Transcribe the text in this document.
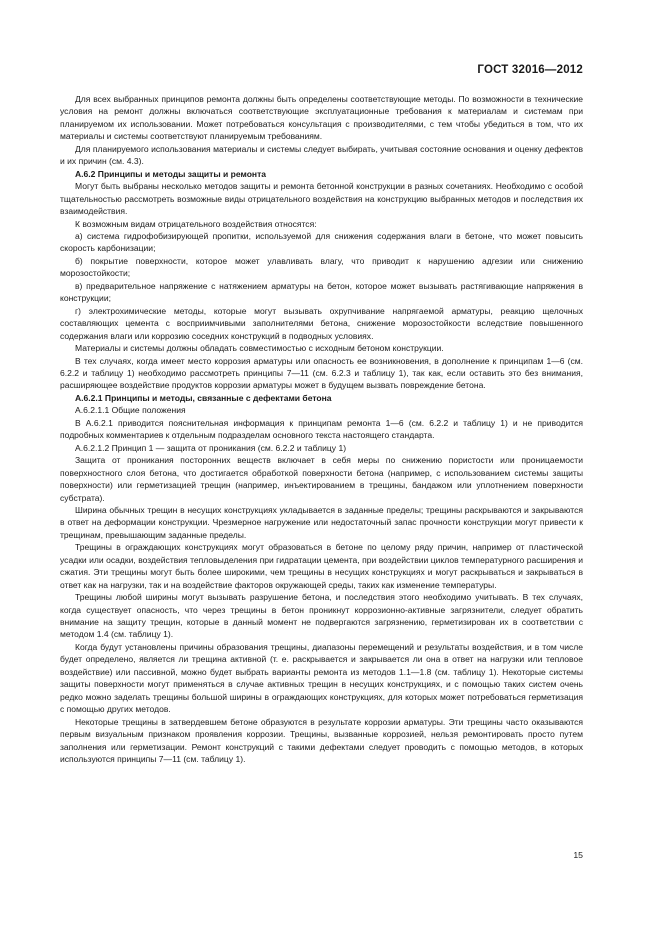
ГОСТ 32016—2012

Для всех выбранных принципов ремонта должны быть определены соответствующие методы. По возможности в технические условия на ремонт должны включаться соответствующие эксплуатационные требования к материалам и системам при планируемом их использовании. Может потребоваться консультация с производителями, с тем чтобы убедиться в том, что их материалы и системы соответствуют планируемым требованиям.

Для планируемого использования материалы и системы следует выбирать, учитывая состояние основания и оценку дефектов и их причин (см. 4.3).

А.6.2 Принципы и методы защиты и ремонта

Могут быть выбраны несколько методов защиты и ремонта бетонной конструкции в разных сочетаниях. Необходимо с особой тщательностью рассмотреть возможные виды отрицательного воздействия на конструкцию выбранных методов и последствия их взаимодействия.

К возможным видам отрицательного воздействия относятся:

а) система гидрофобизирующей пропитки, используемой для снижения содержания влаги в бетоне, что может повысить скорость карбонизации;

б) покрытие поверхности, которое может улавливать влагу, что приводит к нарушению адгезии или снижению морозостойкости;

в) предварительное напряжение с натяжением арматуры на бетон, которое может вызывать растягивающие напряжения в конструкции;

г) электрохимические методы, которые могут вызывать охрупчивание напрягаемой арматуры, реакцию щелочных составляющих цемента с восприимчивыми заполнителями бетона, снижение морозостойкости вследствие повышенного содержания влаги или коррозию соседних конструкций в подводных условиях.

Материалы и системы должны обладать совместимостью с исходным бетоном конструкции.

В тех случаях, когда имеет место коррозия арматуры или опасность ее возникновения, в дополнение к принципам 1—6 (см. 6.2.2 и таблицу 1) необходимо рассмотреть принципы 7—11 (см. 6.2.3 и таблицу 1), так как, если оставить это без внимания, расширяющее воздействие продуктов коррозии арматуры может в будущем вызвать повреждение бетона.

А.6.2.1 Принципы и методы, связанные с дефектами бетона

А.6.2.1.1 Общие положения

В А.6.2.1 приводится пояснительная информация к принципам ремонта 1—6 (см. 6.2.2 и таблицу 1) и не приводится подробных комментариев к отдельным подразделам основного текста настоящего стандарта.

А.6.2.1.2 Принцип 1 — защита от проникания (см. 6.2.2 и таблицу 1)

Защита от проникания посторонних веществ включает в себя меры по снижению пористости или проницаемости поверхностного слоя бетона, что достигается обработкой поверхности бетона (например, с использованием системы защиты поверхности) или герметизацией трещин (например, инъектированием в трещины, бандажом или уплотнением поверхности субстрата).

Ширина обычных трещин в несущих конструкциях укладывается в заданные пределы; трещины раскрываются и закрываются в ответ на деформации конструкции. Чрезмерное нагружение или недостаточный запас прочности конструкции могут привести к трещинам, превышающим заданные пределы.

Трещины в ограждающих конструкциях могут образоваться в бетоне по целому ряду причин, например от пластической усадки или осадки, воздействия тепловыделения при гидратации цемента, при воздействии циклов температурного расширения и сжатия. Эти трещины могут быть более широкими, чем трещины в несущих конструкциях и могут раскрываться и закрываться в ответ как на нагрузки, так и на воздействие факторов окружающей среды, таких как изменение температуры.

Трещины любой ширины могут вызывать разрушение бетона, и последствия этого необходимо учитывать. В тех случаях, когда существует опасность, что через трещины в бетон проникнут коррозионно-активные загрязнители, следует обратить внимание на защиту трещин, которые в данный момент не подвергаются загрязнению, герметизирован их в соответствии с методом 1.4 (см. таблицу 1).

Когда будут установлены причины образования трещины, диапазоны перемещений и результаты воздействия, и в том числе будет определено, является ли трещина активной (т. е. раскрывается и закрывается ли она в ответ на нагрузки или тепловое воздействие) или пассивной, можно будет выбрать варианты ремонта из методов 1.1—1.8 (см. таблицу 1). Некоторые системы защиты поверхности могут применяться в случае активных трещин в несущих конструкциях, и с помощью таких систем очень редко можно заделать трещины большой ширины в ограждающих конструкциях, для которых может потребоваться герметизация с помощью других методов.

Некоторые трещины в затвердевшем бетоне образуются в результате коррозии арматуры. Эти трещины часто оказываются первым визуальным признаком проявления коррозии. Трещины, вызванные коррозией, нельзя ремонтировать просто путем заполнения или герметизации. Ремонт конструкций с такими дефектами следует проводить с помощью методов, в которых используются принципы 7—11 (см. таблицу 1).

15
